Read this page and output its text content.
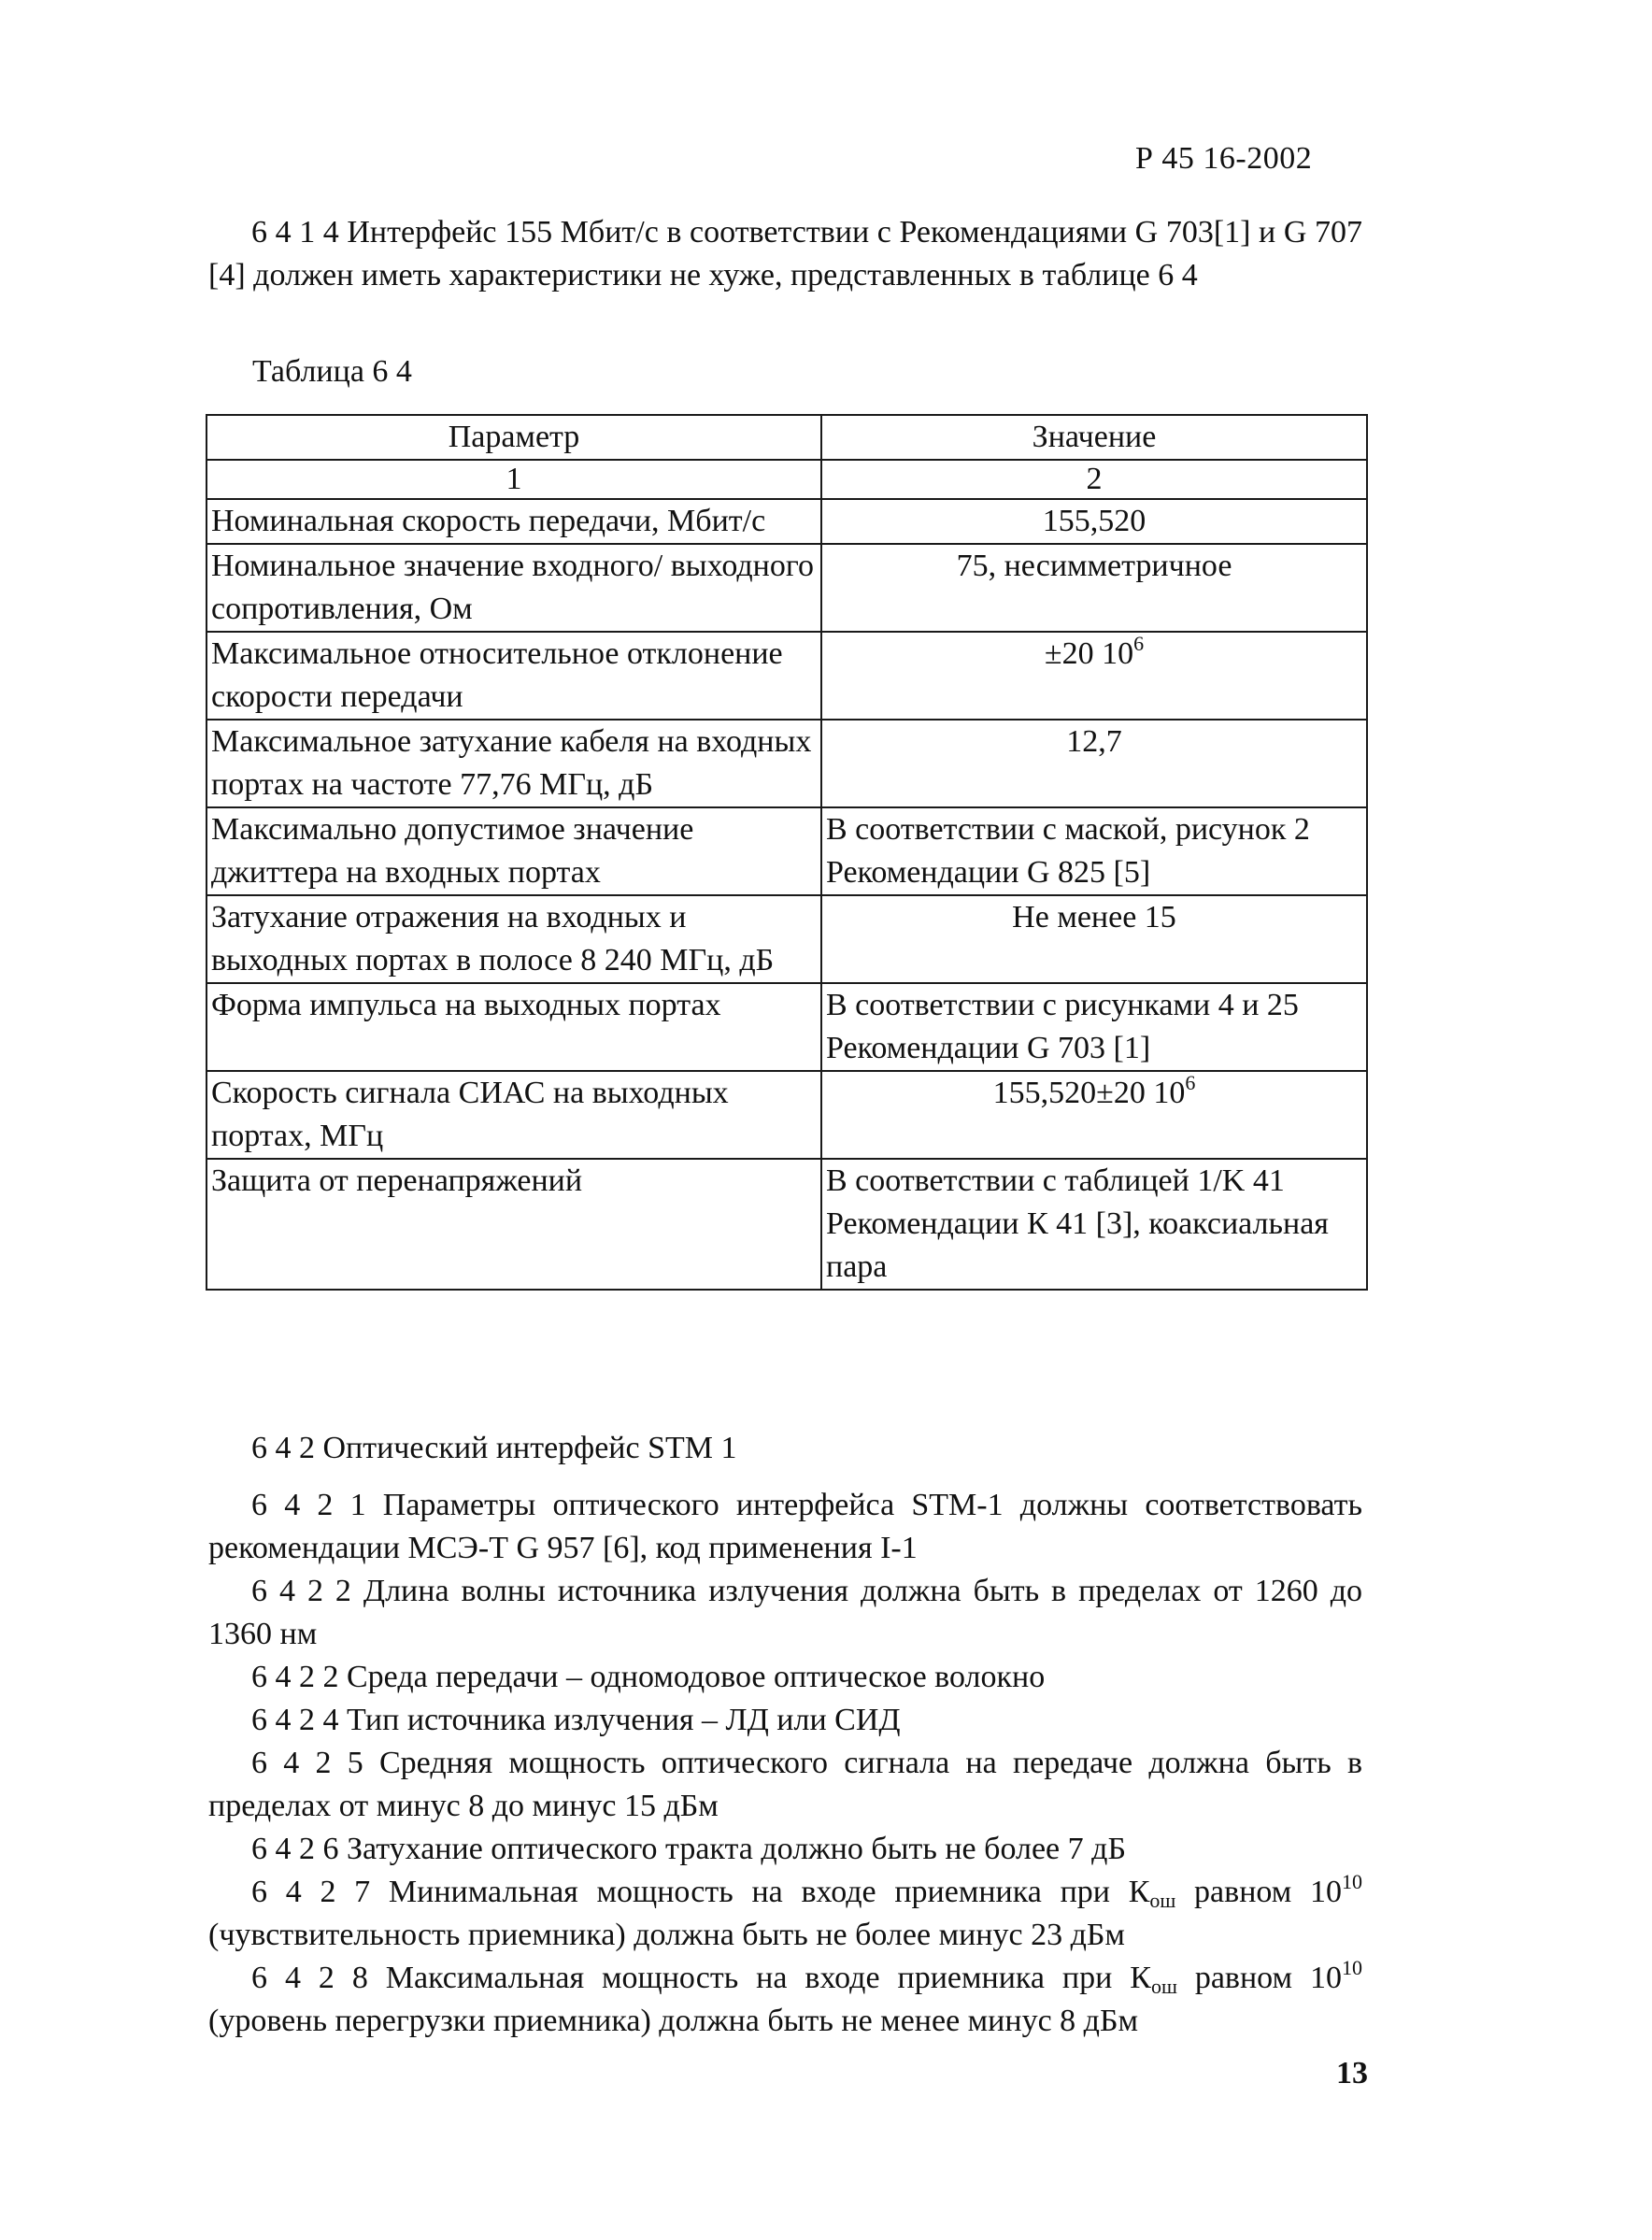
Р 45 16-2002

6 4 1 4 Интерфейс 155 Мбит/с в соответствии с Рекомендациями G 703[1] и G 707 [4] должен иметь характеристики не хуже, представленных в таблице 6 4

Таблица 6 4
Параметр	Значение
1	2
Номинальная скорость передачи, Мбит/с	155,520
Номинальное значение входного/ выходного сопротивления, Ом	75, несимметричное
Максимальное относительное отклонение скорости передачи	±20 $10^6$
Максимальное затухание кабеля на входных портах на частоте 77,76 МГц, дБ	12,7
Максимально допустимое значение джиттера на входных портах	В соответствии с маской, рисунок 2 Рекомендации G 825 [5]
Затухание отражения на входных и выходных портах в полосе 8 240 МГц, дБ	Не менее 15
Форма импульса на выходных портах	В соответствии с рисунками 4 и 25 Рекомендации G 703 [1]
Скорость сигнала СИАС на выходных портах, МГц	155,520±20 $10^6$
Защита от перенапряжений	В соответствии с таблицей 1/K 41 Рекомендации К 41 [3], коаксиальная пара
6 4 2 Оптический интерфейс STM 1

6 4 2 1 Параметры оптического интерфейса STM-1 должны соответствовать рекомендации МСЭ-Т G 957 [6], код применения I-1

6 4 2 2 Длина волны источника излучения должна быть в пределах от 1260 до 1360 нм

6 4 2 2 Среда передачи – одномодовое оптическое волокно

6 4 2 4 Тип источника излучения – ЛД или СИД

6 4 2 5 Средняя мощность оптического сигнала на передаче должна быть в пределах от минус 8 до минус 15 дБм

6 4 2 6 Затухание оптического тракта должно быть не более 7 дБ

6 4 2 7 Минимальная мощность на входе приемника при $К_{ош}$ равном $10^{10}$ (чувствительность приемника) должна быть не более минус 23 дБм

6 4 2 8 Максимальная мощность на входе приемника при $К_{ош}$ равном $10^{10}$ (уровень перегрузки приемника) должна быть не менее минус 8 дБм

13
